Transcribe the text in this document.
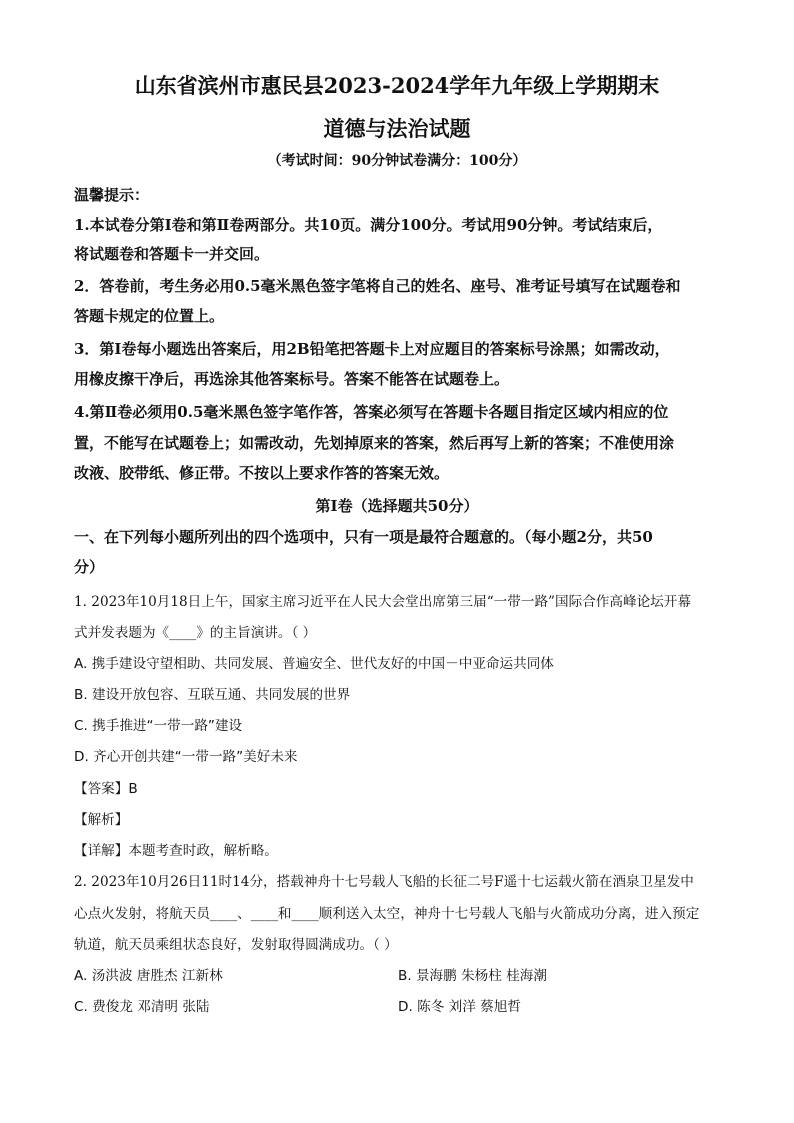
山东省滨州市惠民县2023-2024学年九年级上学期期末
道德与法治试题
（考试时间：90分钟试卷满分：100分）
温馨提示：
1.本试卷分第Ⅰ卷和第Ⅱ卷两部分。共10页。满分100分。考试用90分钟。考试结束后，
将试题卷和答题卡一并交回。
2．答卷前，考生务必用0.5毫米黑色签字笔将自己的姓名、座号、准考证号填写在试题卷和
答题卡规定的位置上。
3．第Ⅰ卷每小题选出答案后，用2B铅笔把答题卡上对应题目的答案标号涂黑；如需改动，
用橡皮擦干净后，再选涂其他答案标号。答案不能答在试题卷上。
4.第Ⅱ卷必须用0.5毫米黑色签字笔作答，答案必须写在答题卡各题目指定区域内相应的位
置，不能写在试题卷上；如需改动，先划掉原来的答案，然后再写上新的答案；不准使用涂
改液、胶带纸、修正带。不按以上要求作答的答案无效。
第Ⅰ卷（选择题共50分）
一、在下列每小题所列出的四个选项中，只有一项是最符合题意的。（每小题2分，共50
分）
1. 2023年10月18日上午，国家主席习近平在人民大会堂出席第三届“一带一路”国际合作高峰论坛开幕
式并发表题为《____》的主旨演讲。（ ）
A. 携手建设守望相助、共同发展、普遍安全、世代友好的中国－中亚命运共同体
B. 建设开放包容、互联互通、共同发展的世界
C. 携手推进“一带一路”建设
D. 齐心开创共建“一带一路”美好未来
【答案】B
【解析】
【详解】本题考查时政，解析略。
2. 2023年10月26日11时14分，搭载神舟十七号载人飞船的长征二号F遥十七运载火箭在酒泉卫星发中
心点火发射，将航天员____、____和____顺利送入太空，神舟十七号载人飞船与火箭成功分离，进入预定
轨道，航天员乘组状态良好，发射取得圆满成功。（ ）
A. 汤洪波 唐胜杰 江新林	B. 景海鹏 朱杨柱 桂海潮
C. 费俊龙 邓清明 张陆	D. 陈冬 刘洋 蔡旭哲
